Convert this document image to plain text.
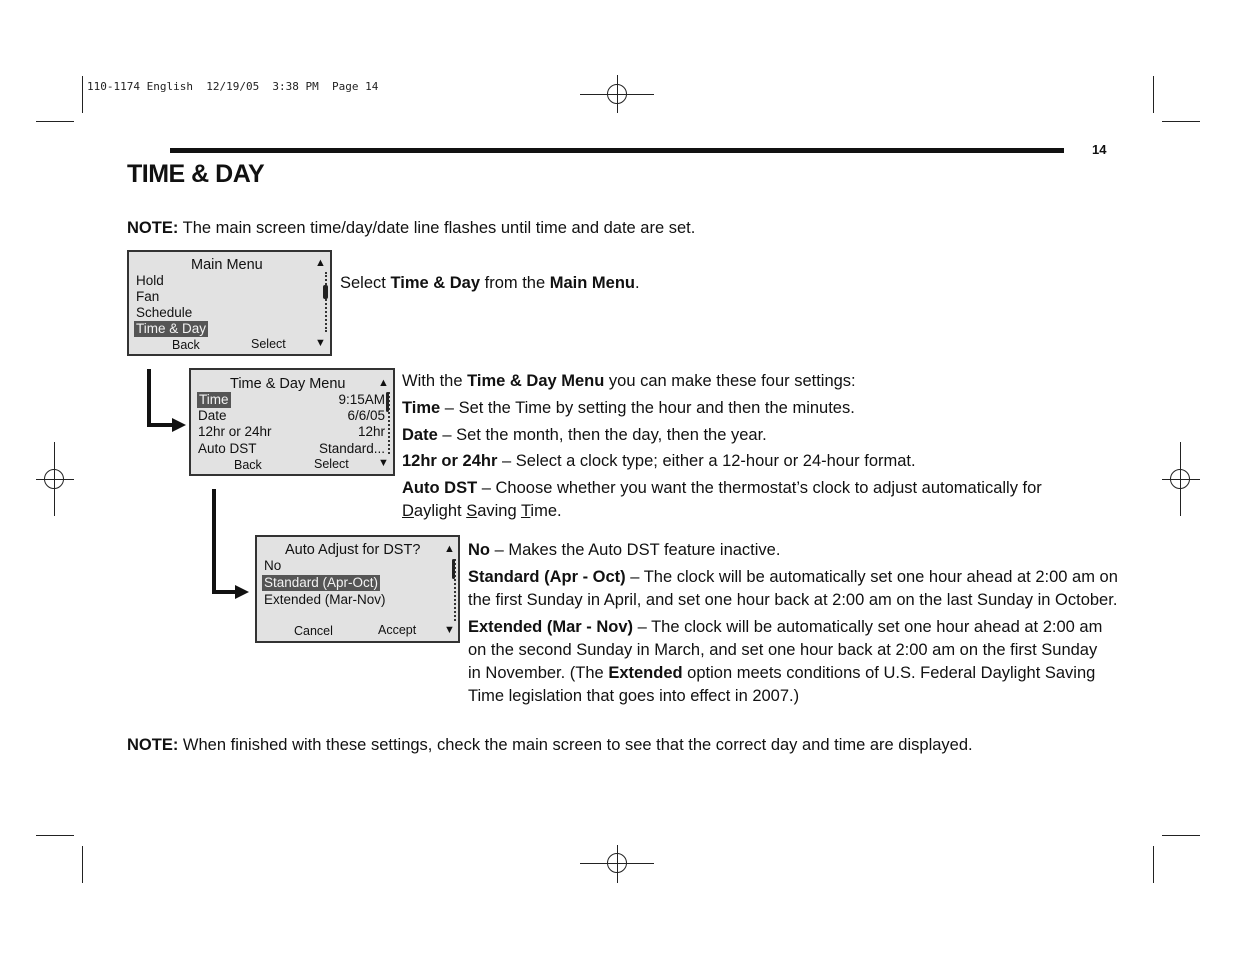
110-1174 English  12/19/05  3:38 PM  Page 14
14
TIME & DAY
NOTE: The main screen time/day/date line flashes until time and date are set.
Main Menu
Hold
Fan
Schedule
Time & Day
Back	Select
▲
▼
Select Time & Day from the Main Menu.
Time & Day Menu
Time	9:15AM
Date	6/6/05
12hr or 24hr	12hr
Auto DST	Standard...
Back	Select
▲
▼
With the Time & Day Menu you can make these four settings:
Time – Set the Time by setting the hour and then the minutes.
Date – Set the month, then the day, then the year.
12hr or 24hr – Select a clock type; either a 12-hour or 24-hour format.
Auto DST – Choose whether you want the thermostat’s clock to adjust automatically for
Daylight Saving Time.
Auto Adjust for DST?
No
Standard (Apr-Oct)
Extended (Mar-Nov)
Cancel	Accept
▲
▼
No – Makes the Auto DST feature inactive.
Standard (Apr - Oct) – The clock will be automatically set one hour ahead at 2:00 am on
the first Sunday in April, and set one hour back at 2:00 am on the last Sunday in October.
Extended (Mar - Nov) – The clock will be automatically set one hour ahead at 2:00 am
on the second Sunday in March, and set one hour back at 2:00 am on the first Sunday
in November. (The Extended option meets conditions of U.S. Federal Daylight Saving
Time legislation that goes into effect in 2007.)
NOTE: When finished with these settings, check the main screen to see that the correct day and time are displayed.
